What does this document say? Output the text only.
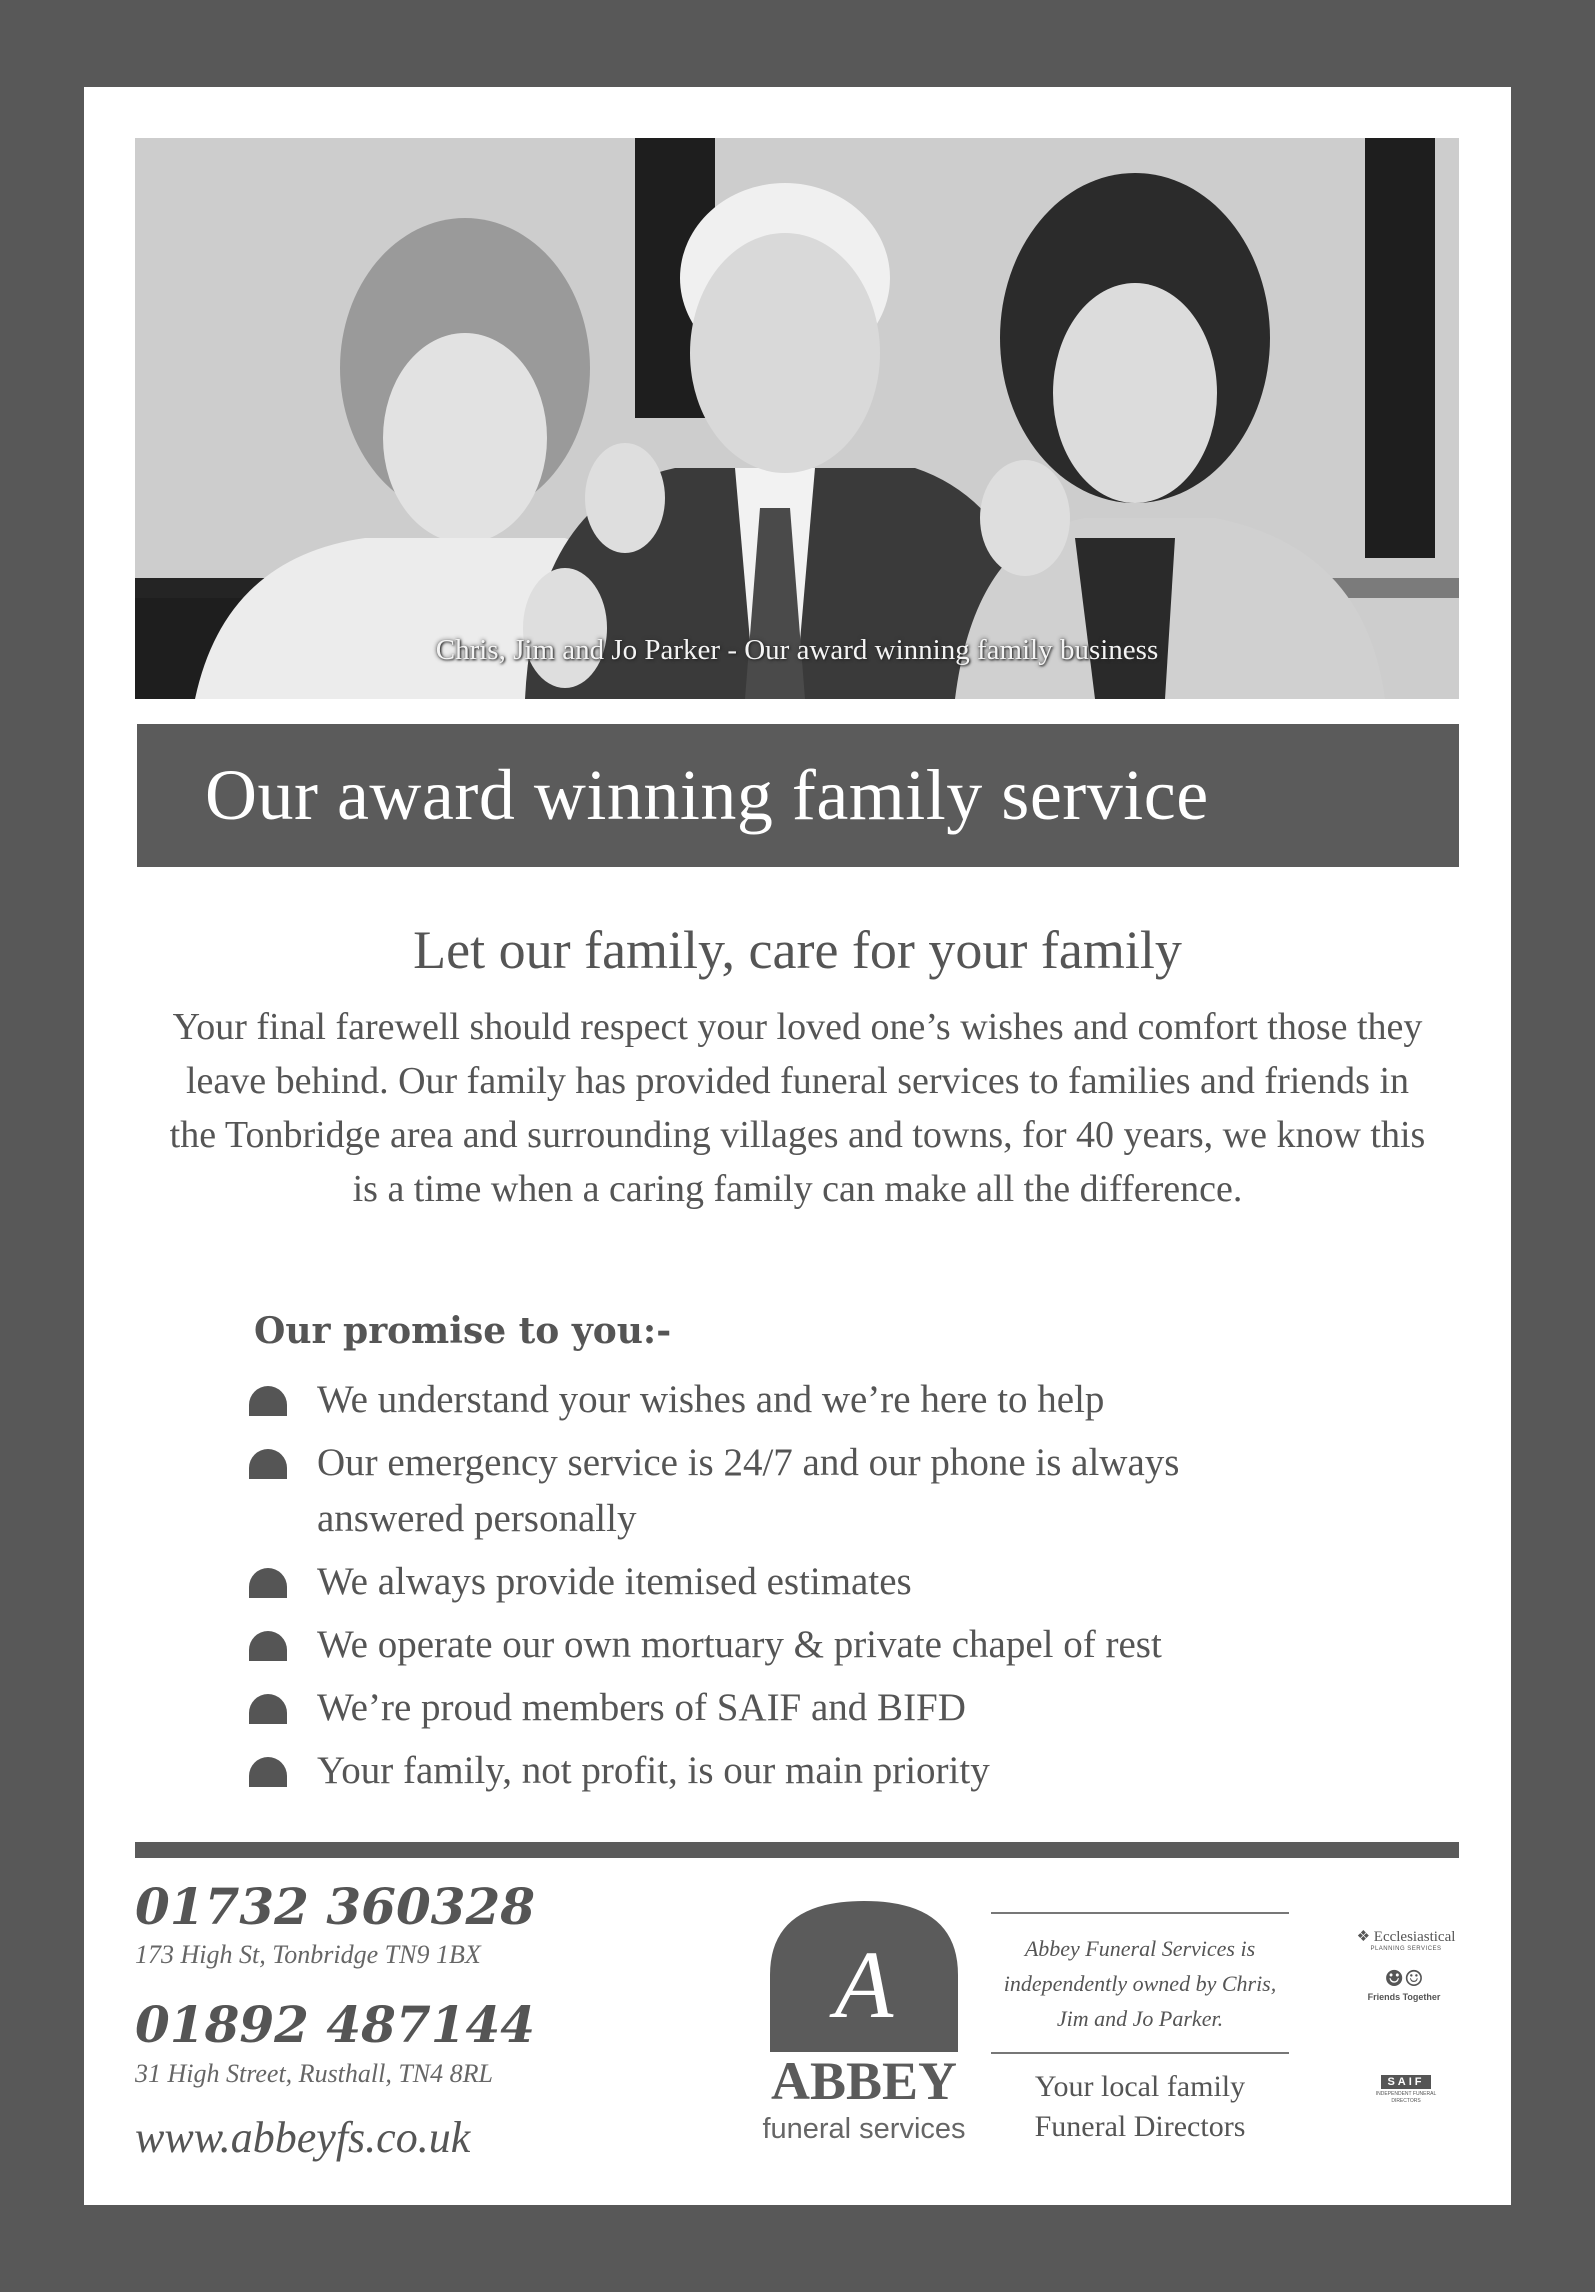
Chris, Jim and Jo Parker - Our award winning family business
Our award winning family service
Let our family, care for your family
Your final farewell should respect your loved one’s wishes and comfort those they leave behind. Our family has provided funeral services to families and friends in the Tonbridge area and surrounding villages and towns, for 40 years, we know this is a time when a caring family can make all the difference.
Our promise to you:-
We understand your wishes and we’re here to help
Our emergency service is 24/7 and our phone is always answered personally
We always provide itemised estimates
We operate our own mortuary & private chapel of rest
We’re proud members of SAIF and BIFD
Your family, not profit, is our main priority
01732 360328
173 High St, Tonbridge TN9 1BX
01892 487144
31 High Street, Rusthall, TN4 8RL
www.abbeyfs.co.uk
A
ABBEY
funeral services
Abbey Funeral Services is independently owned by Chris, Jim and Jo Parker.
Your local family Funeral Directors
❖ Ecclesiastical
PLANNING SERVICES
☻☺
Friends Together
SAIF
INDEPENDENT FUNERAL DIRECTORS
